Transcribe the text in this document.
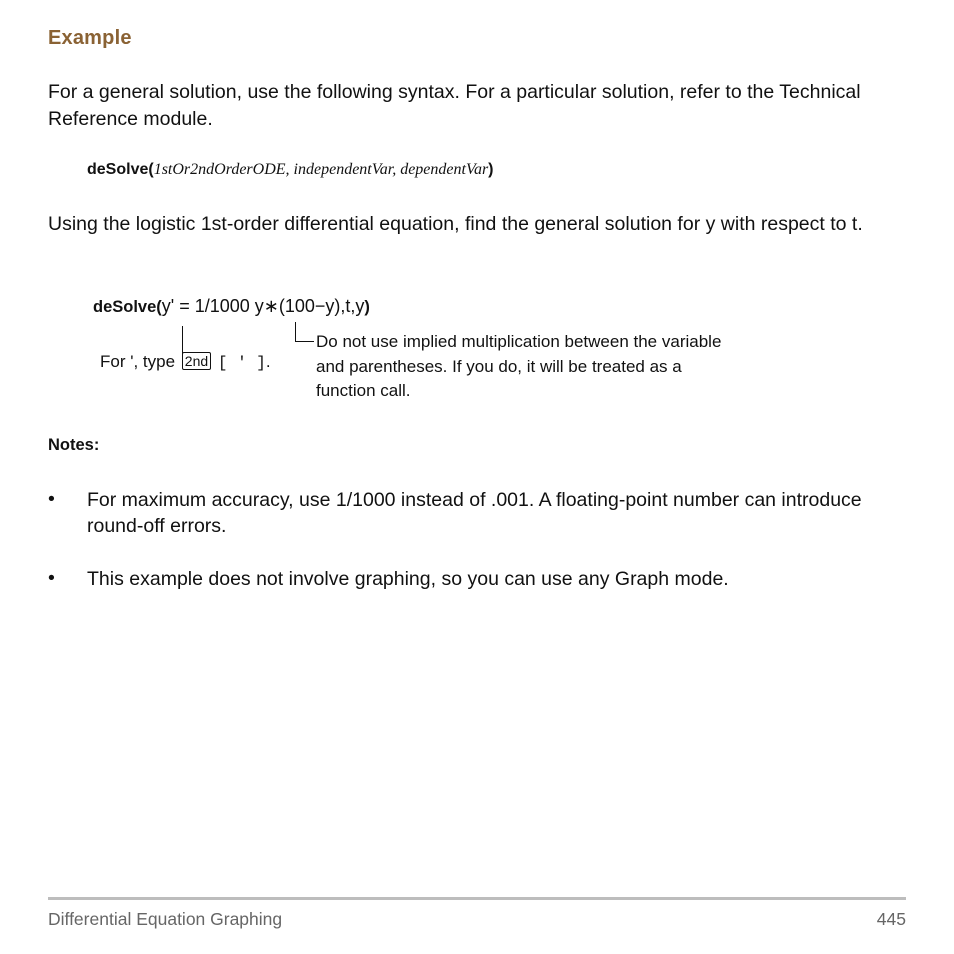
Example
For a general solution, use the following syntax. For a particular solution, refer to the Technical Reference module.
deSolve(1stOr2ndOrderODE, independentVar, dependentVar)
Using the logistic 1st-order differential equation, find the general solution for y with respect to t.
deSolve(y' = 1/1000 y∗(100−y),t,y)
For ', type 2nd [ ' ].
Do not use implied multiplication between the variable and parentheses. If you do, it will be treated as a function call.
Notes:
• For maximum accuracy, use 1/1000 instead of .001. A floating-point number can introduce round-off errors.
• This example does not involve graphing, so you can use any Graph mode.
Differential Equation Graphing	445
